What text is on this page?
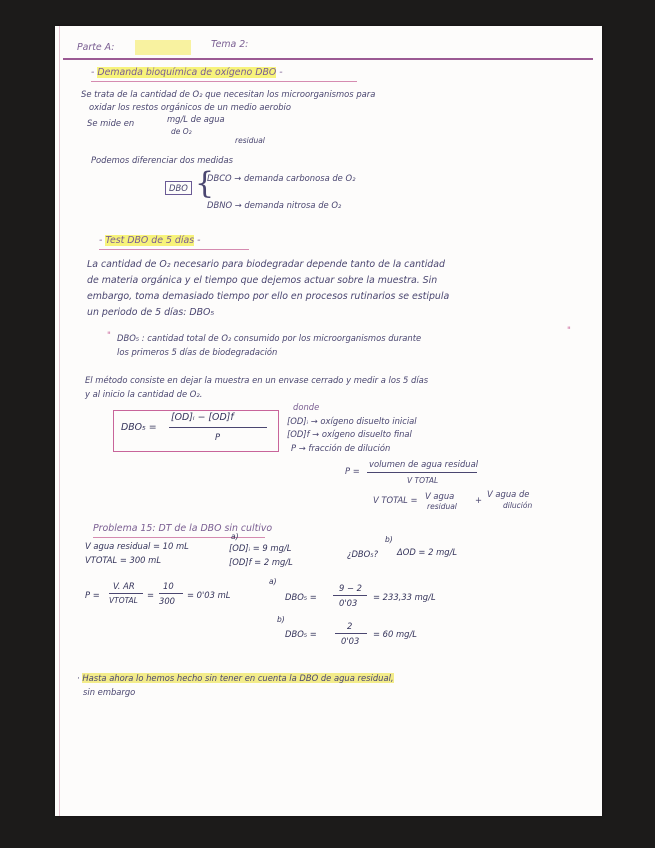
Parte A:	Tema 2:
- Demanda bioquímica de oxígeno DBO -
Se trata de la cantidad de O₂ que necesitan los microorganismos para
oxidar los restos orgánicos de un medio aerobio
Se mide en	mg/L de agua
de O₂
residual
Podemos diferenciar dos medidas
DBO {
DBCO → demanda carbonosa de O₂
DBNO → demanda nitrosa de O₂
- Test DBO de 5 días -
La cantidad de O₂ necesario para biodegradar depende tanto de la cantidad
de materia orgánica y el tiempo que dejemos actuar sobre la muestra. Sin
embargo, toma demasiado tiempo por ello en procesos rutinarios se estipula
un periodo de 5 días: DBO₅
" DBO₅ : cantidad total de O₂ consumido por los microorganismos durante
los primeros 5 días de biodegradación
"
El método consiste en dejar la muestra en un envase cerrado y medir a los 5 días
y al inicio la cantidad de O₂.
DBO₅ =
[OD]ᵢ − [OD]f
P
donde
[OD]ᵢ → oxígeno disuelto inicial
[OD]f → oxígeno disuelto final
P → fracción de dilución
P =
volumen de agua residual
V TOTAL
V TOTAL = V agua
residual
+
V agua de
dilución
Problema 15: DT de la DBO sin cultivo
V agua residual = 10 mL
VTOTAL = 300 mL
a)
[OD]ᵢ = 9 mg/L
[OD]f = 2 mg/L
¿DBO₅?
b)
ΔOD = 2 mg/L
P =
V. AR
VTOTAL
=
10
300
= 0'03 mL
a)
DBO₅ =
9 − 2
0'03
= 233,33 mg/L
b)
DBO₅ =
2
0'03
= 60 mg/L
· Hasta ahora lo hemos hecho sin tener en cuenta la DBO de agua residual,
sin embargo
